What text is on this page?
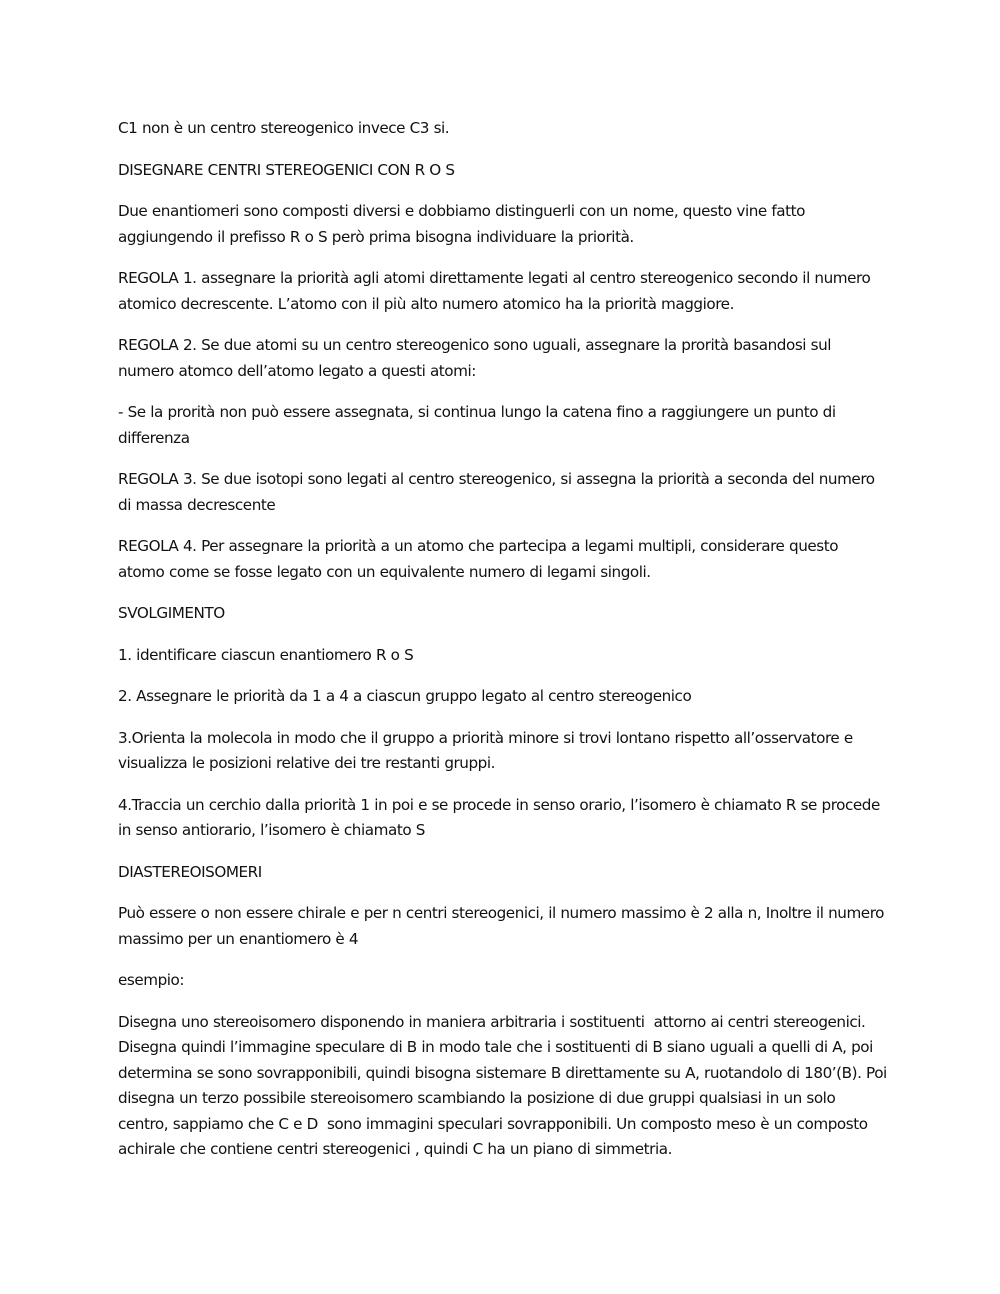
C1 non è un centro stereogenico invece C3 si.

DISEGNARE CENTRI STEREOGENICI CON R O S

Due enantiomeri sono composti diversi e dobbiamo distinguerli con un nome, questo vine fatto aggiungendo il prefisso R o S però prima bisogna individuare la priorità.

REGOLA 1. assegnare la priorità agli atomi direttamente legati al centro stereogenico secondo il numero atomico decrescente. L’atomo con il più alto numero atomico ha la priorità maggiore.

REGOLA 2. Se due atomi su un centro stereogenico sono uguali, assegnare la prorità basandosi sul numero atomco dell’atomo legato a questi atomi:

- Se la prorità non può essere assegnata, si continua lungo la catena fino a raggiungere un punto di differenza

REGOLA 3. Se due isotopi sono legati al centro stereogenico, si assegna la priorità a seconda del numero di massa decrescente

REGOLA 4. Per assegnare la priorità a un atomo che partecipa a legami multipli, considerare questo atomo come se fosse legato con un equivalente numero di legami singoli.

SVOLGIMENTO

1. identificare ciascun enantiomero R o S

2. Assegnare le priorità da 1 a 4 a ciascun gruppo legato al centro stereogenico

3.Orienta la molecola in modo che il gruppo a priorità minore si trovi lontano rispetto all’osservatore e visualizza le posizioni relative dei tre restanti gruppi.

4.Traccia un cerchio dalla priorità 1 in poi e se procede in senso orario, l’isomero è chiamato R se procede in senso antiorario, l’isomero è chiamato S

DIASTEREOISOMERI

Può essere o non essere chirale e per n centri stereogenici, il numero massimo è 2 alla n, Inoltre il numero massimo per un enantiomero è 4

esempio:

Disegna uno stereoisomero disponendo in maniera arbitraria i sostituenti  attorno ai centri stereogenici. Disegna quindi l’immagine speculare di B in modo tale che i sostituenti di B siano uguali a quelli di A, poi determina se sono sovrapponibili, quindi bisogna sistemare B direttamente su A, ruotandolo di 180’(B). Poi disegna un terzo possibile stereoisomero scambiando la posizione di due gruppi qualsiasi in un solo centro, sappiamo che C e D  sono immagini speculari sovrapponibili. Un composto meso è un composto achirale che contiene centri stereogenici , quindi C ha un piano di simmetria.
